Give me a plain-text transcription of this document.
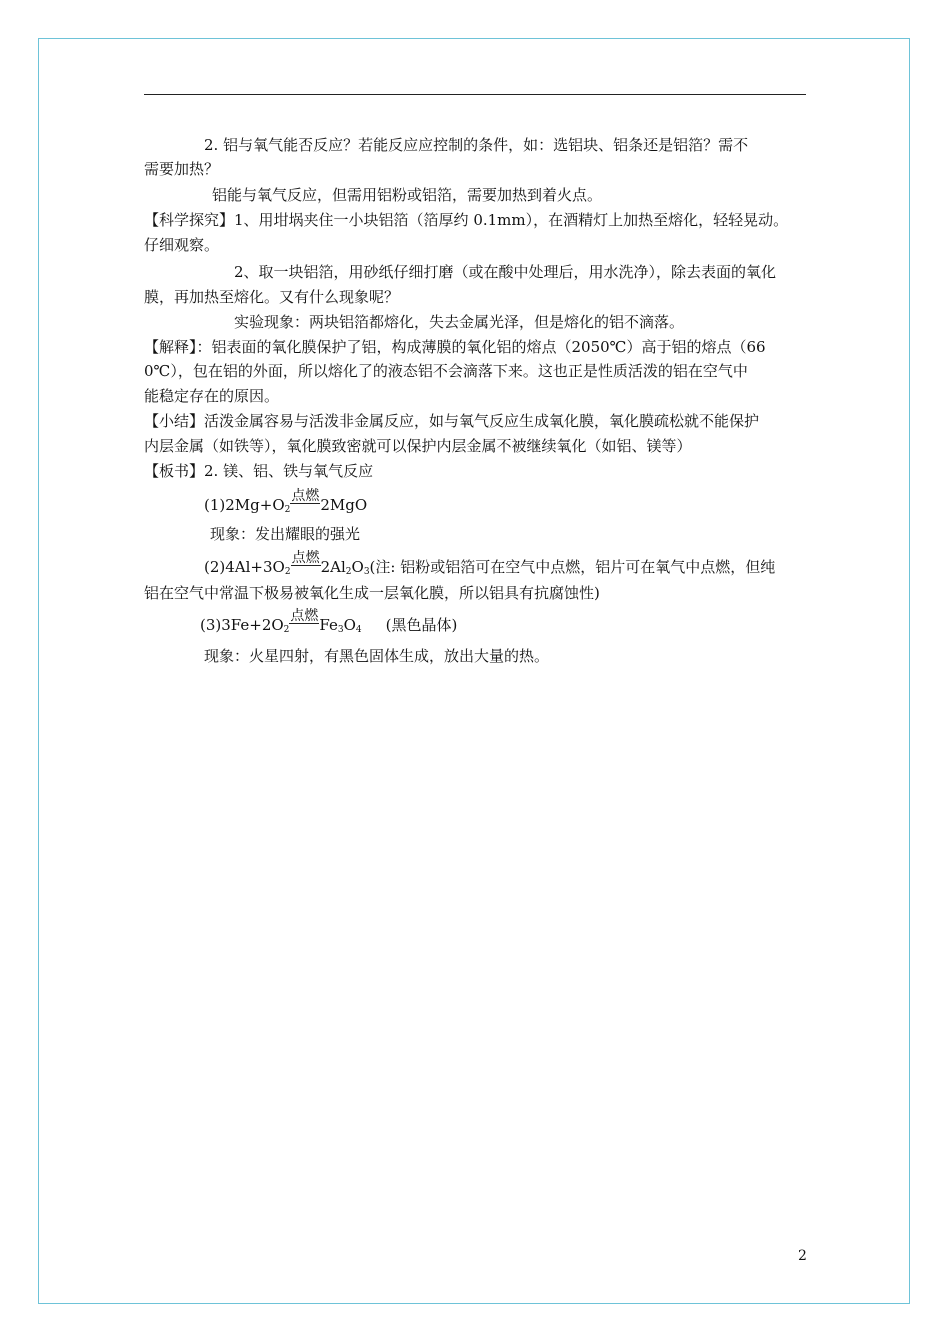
2. 铝与氧气能否反应？若能反应应控制的条件，如：选铝块、铝条还是铝箔？需不
需要加热？
铝能与氧气反应，但需用铝粉或铝箔，需要加热到着火点。
【科学探究】1、用坩埚夹住一小块铝箔（箔厚约 0.1mm），在酒精灯上加热至熔化，轻轻晃动。
仔细观察。
2、取一块铝箔，用砂纸仔细打磨（或在酸中处理后，用水洗净），除去表面的氧化
膜，再加热至熔化。又有什么现象呢？
实验现象：两块铝箔都熔化，失去金属光泽，但是熔化的铝不滴落。
【解释】：铝表面的氧化膜保护了铝，构成薄膜的氧化铝的熔点（2050℃）高于铝的熔点（66
0℃），包在铝的外面，所以熔化了的液态铝不会滴落下来。这也正是性质活泼的铝在空气中
能稳定存在的原因。
【小结】活泼金属容易与活泼非金属反应，如与氧气反应生成氧化膜，氧化膜疏松就不能保护
内层金属（如铁等），氧化膜致密就可以保护内层金属不被继续氧化（如铝、镁等）
【板书】2. 镁、铝、铁与氧气反应
$(1)2Mg+O_2$点燃2MgO
现象：发出耀眼的强光
$(2)4Al+3O_2$点燃$2Al_2O_3$(注: 铝粉或铝箔可在空气中点燃，铝片可在氧气中点燃，但纯
铝在空气中常温下极易被氧化生成一层氧化膜，所以铝具有抗腐蚀性)
$(3)3Fe+2O_2$点燃$Fe_3O_4$ (黑色晶体)
现象：火星四射，有黑色固体生成，放出大量的热。
2
